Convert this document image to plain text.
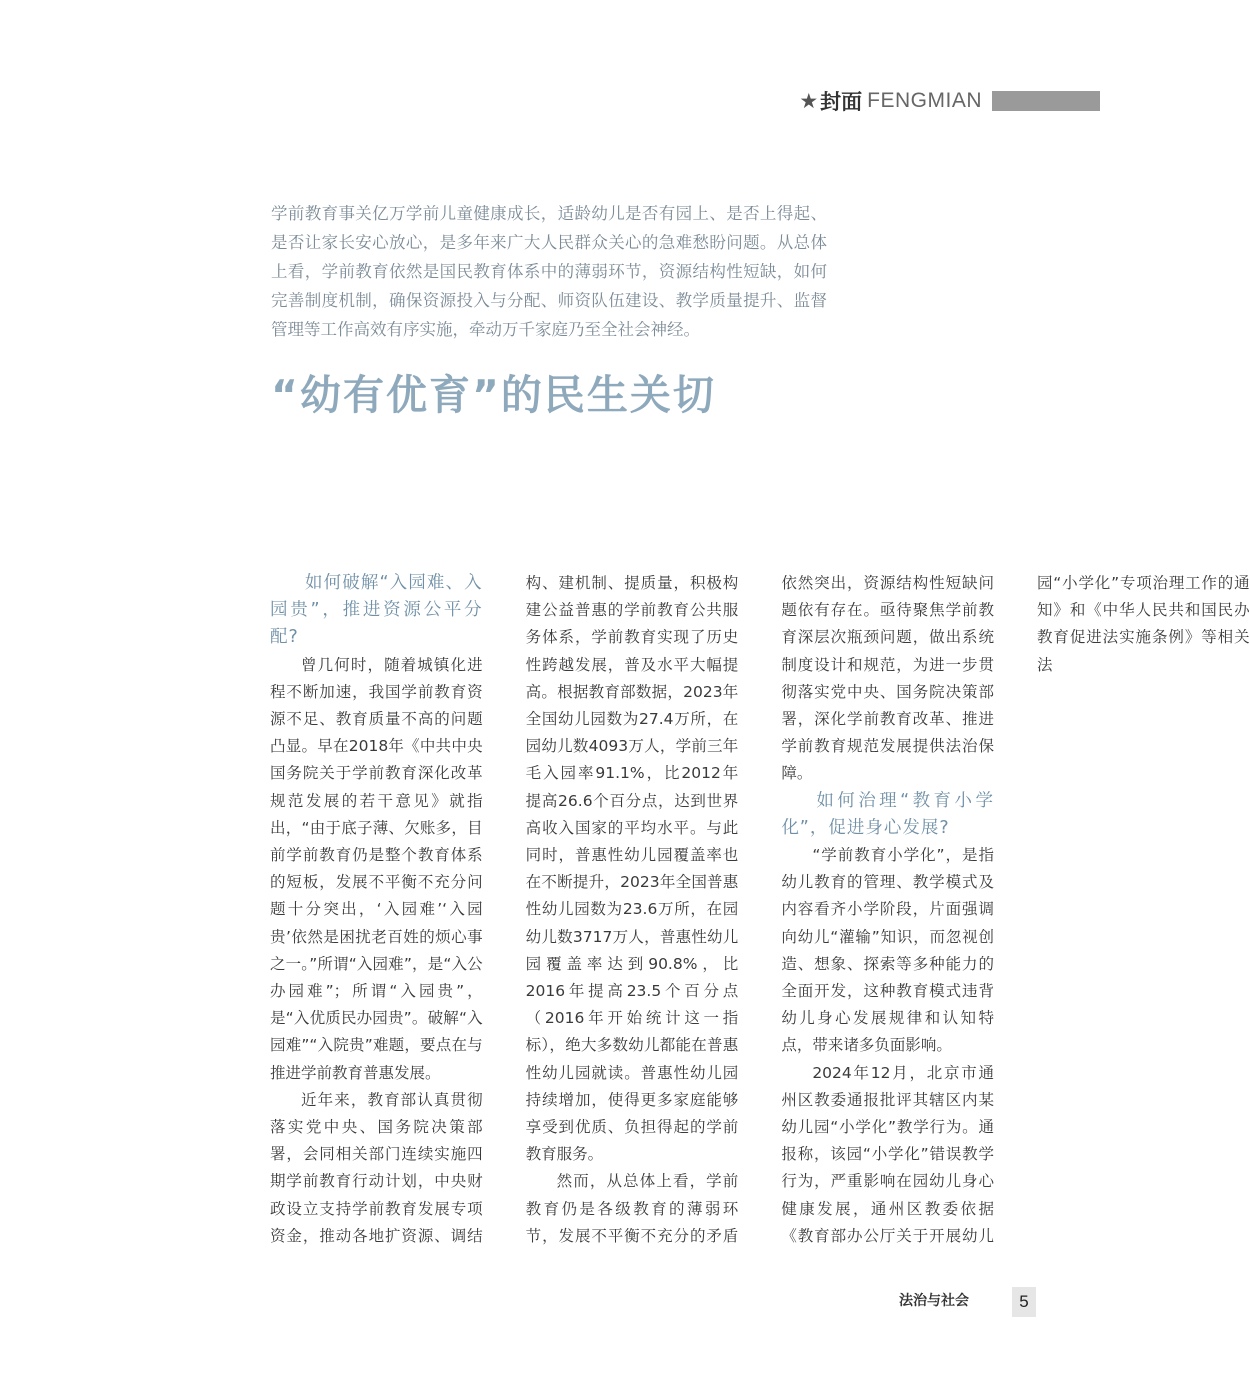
★ 封面 FENGMIAN

学前教育事关亿万学前儿童健康成长，适龄幼儿是否有园上、是否上得起、是否让家长安心放心，是多年来广大人民群众关心的急难愁盼问题。从总体上看，学前教育依然是国民教育体系中的薄弱环节，资源结构性短缺，如何完善制度机制，确保资源投入与分配、师资队伍建设、教学质量提升、监督管理等工作高效有序实施，牵动万千家庭乃至全社会神经。

“幼有优育”的民生关切
如何破解“入园难、入园贵”，推进资源公平分配?

曾几何时，随着城镇化进程不断加速，我国学前教育资源不足、教育质量不高的问题凸显。早在2018年《中共中央 国务院关于学前教育深化改革规范发展的若干意见》就指出，“由于底子薄、欠账多，目前学前教育仍是整个教育体系的短板，发展不平衡不充分问题十分突出，‘入园难’‘入园贵’依然是困扰老百姓的烦心事之一。”所谓“入园难”，是“入公办园难”；所谓“入园贵”，是“入优质民办园贵”。破解“入园难”“入院贵”难题，要点在与推进学前教育普惠发展。

近年来，教育部认真贯彻落实党中央、国务院决策部署，会同相关部门连续实施四期学前教育行动计划，中央财政设立支持学前教育发展专项资金，推动各地扩资源、调结构、建机制、提质量，积极构建公益普惠的学前教育公共服务体系，学前教育实现了历史性跨越发展，普及水平大幅提高。根据教育部数据，2023年全国幼儿园数为27.4万所，在园幼儿数4093万人，学前三年毛入园率91.1%，比2012年提高26.6个百分点，达到世界高收入国家的平均水平。与此同时，普惠性幼儿园覆盖率也在不断提升，2023年全国普惠性幼儿园数为23.6万所，在园幼儿数3717万人，普惠性幼儿园覆盖率达到90.8%，比2016年提高23.5个百分点（2016年开始统计这一指标），绝大多数幼儿都能在普惠性幼儿园就读。普惠性幼儿园持续增加，使得更多家庭能够享受到优质、负担得起的学前教育服务。

然而，从总体上看，学前教育仍是各级教育的薄弱环节，发展不平衡不充分的矛盾依然突出，资源结构性短缺问题依有存在。亟待聚焦学前教育深层次瓶颈问题，做出系统制度设计和规范，为进一步贯彻落实党中央、国务院决策部署，深化学前教育改革、推进学前教育规范发展提供法治保障。

如何治理“教育小学化”，促进身心发展?

“学前教育小学化”，是指幼儿教育的管理、教学模式及内容看齐小学阶段，片面强调向幼儿“灌输”知识，而忽视创造、想象、探索等多种能力的全面开发，这种教育模式违背幼儿身心发展规律和认知特点，带来诸多负面影响。

2024年12月，北京市通州区教委通报批评其辖区内某幼儿园“小学化”教学行为。通报称，该园“小学化”错误教学行为，严重影响在园幼儿身心健康发展，通州区教委依据《教育部办公厅关于开展幼儿园“小学化”专项治理工作的通知》和《中华人民共和国民办教育促进法实施条例》等相关法

法治与社会	5
